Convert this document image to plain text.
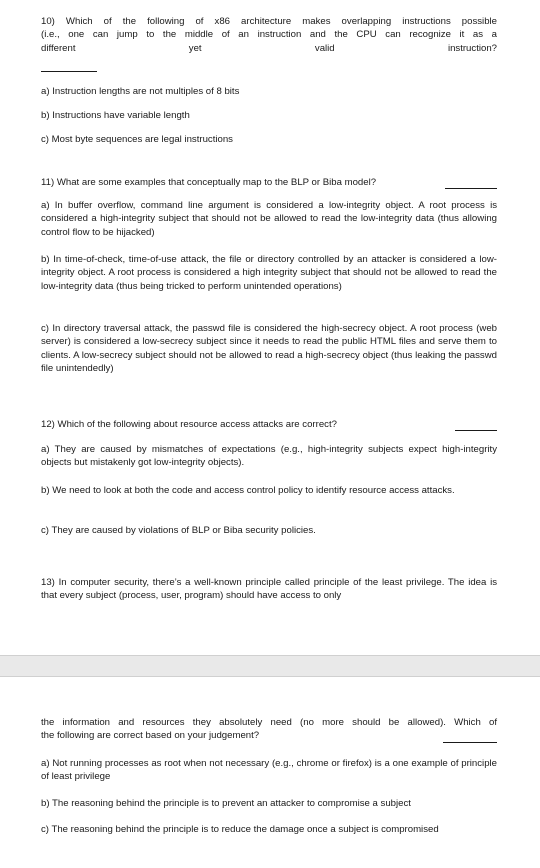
10) Which of the following of x86 architecture makes overlapping instructions possible
(i.e., one can jump to the middle of an instruction and the CPU can recognize it as a
different	yet	valid	instruction?

a) Instruction lengths are not multiples of 8 bits

b) Instructions have variable length

c) Most byte sequences are legal instructions

11) What are some examples that conceptually map to the BLP or Biba model?

a) In buffer overflow, command line argument is considered a low-integrity object. A root process is considered a high-integrity subject that should not be allowed to read the low-integrity data (thus allowing control flow to be hijacked)

b) In time-of-check, time-of-use attack, the file or directory controlled by an attacker is considered a low-integrity object. A root process is considered a high integrity subject that should not be allowed to read the low-integrity data (thus being tricked to perform unintended operations)

c) In directory traversal attack, the passwd file is considered the high-secrecy object. A root process (web server) is considered a low-secrecy subject since it needs to read the public HTML files and serve them to clients. A low-secrecy subject should not be allowed to read a high-secrecy object (thus leaking the passwd file unintendedly)

12) Which of the following about resource access attacks are correct?

a) They are caused by mismatches of expectations (e.g., high-integrity subjects expect high-integrity objects but mistakenly got low-integrity objects).

b) We need to look at both the code and access control policy to identify resource access attacks.

c) They are caused by violations of BLP or Biba security policies.

13) In computer security, there’s a well-known principle called principle of the least privilege. The idea is that every subject (process, user, program) should have access to only

the information and resources they absolutely need (no more should be allowed). Which of
the following are correct based on your judgement?

a) Not running processes as root when not necessary (e.g., chrome or firefox) is a one example of principle of least privilege

b) The reasoning behind the principle is to prevent an attacker to compromise a subject

c) The reasoning behind the principle is to reduce the damage once a subject is compromised
